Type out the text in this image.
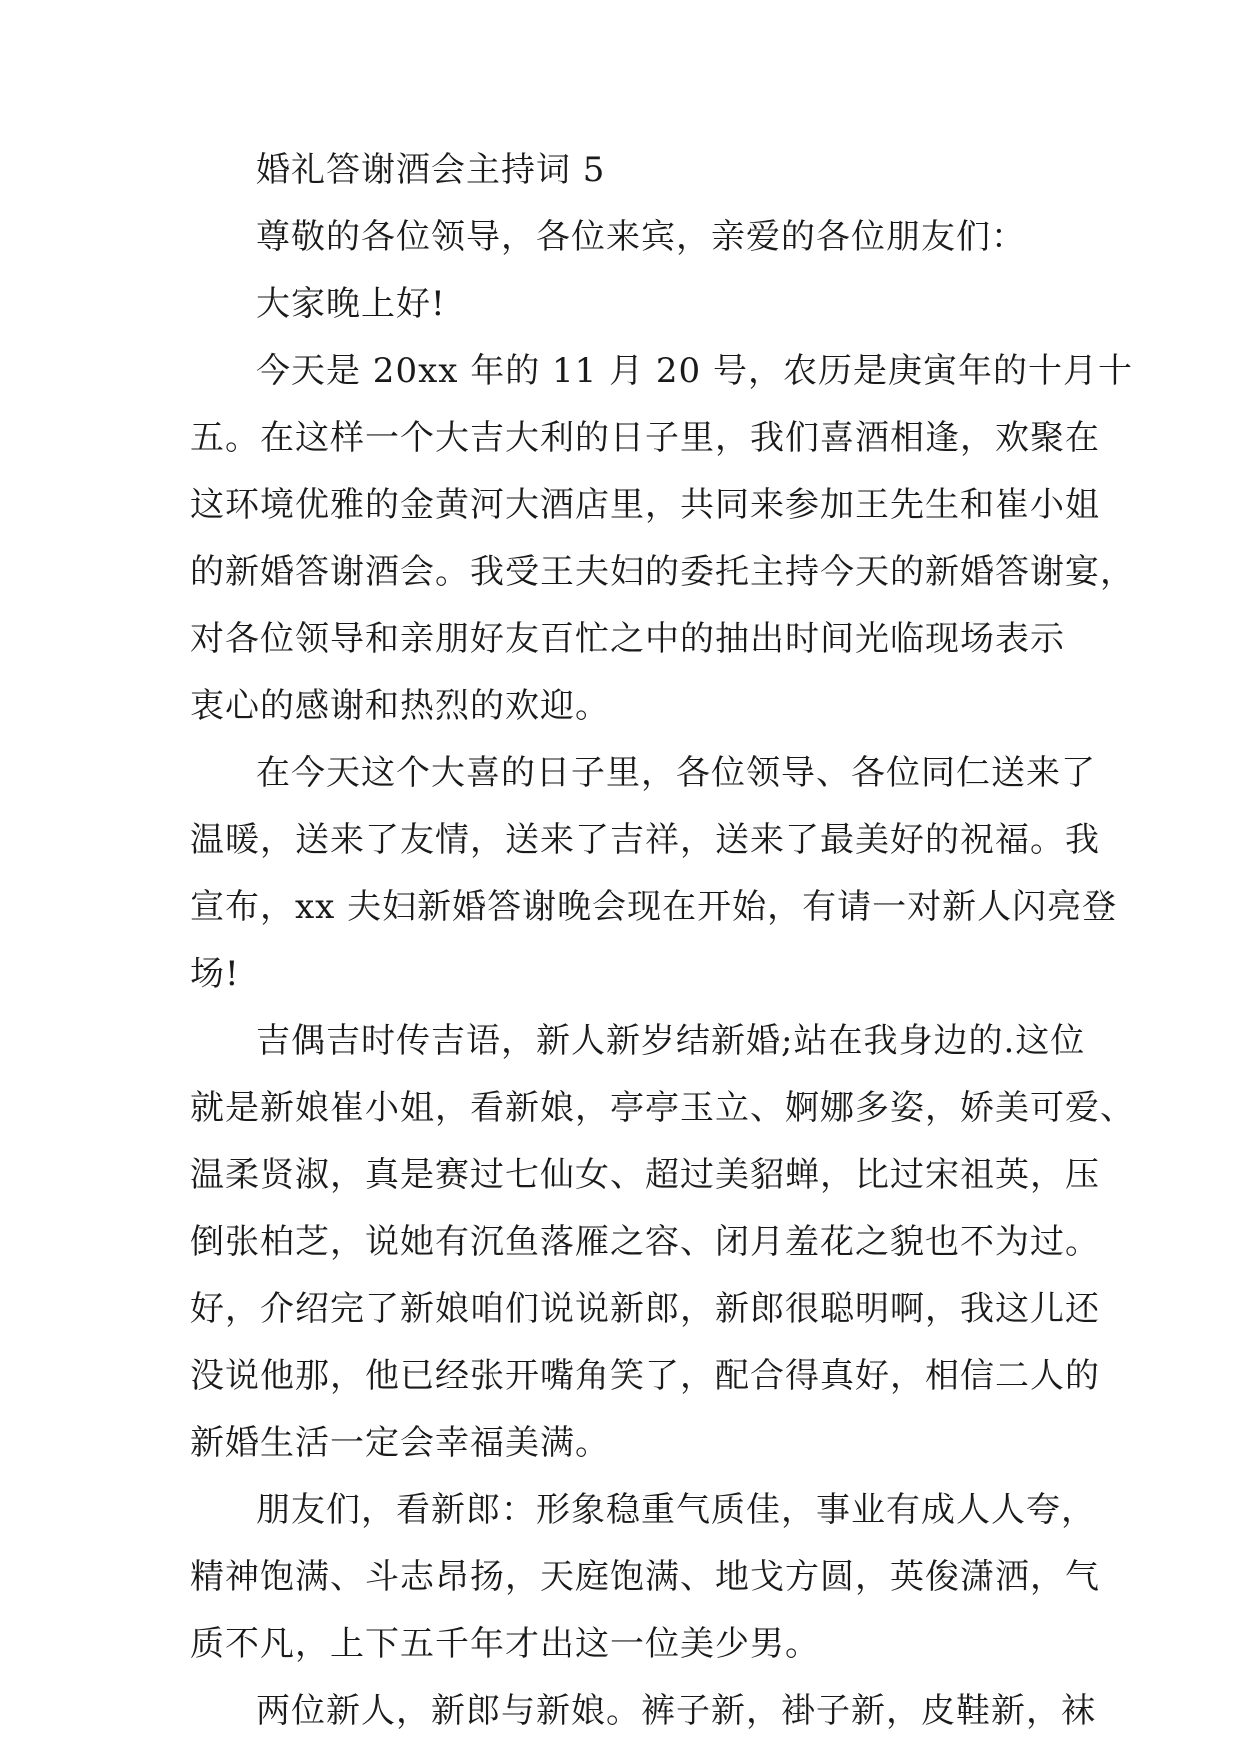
婚礼答谢酒会主持词 5
尊敬的各位领导，各位来宾，亲爱的各位朋友们：
大家晚上好!
今天是 20xx 年的 11 月 20 号，农历是庚寅年的十月十
五。在这样一个大吉大利的日子里，我们喜酒相逢，欢聚在
这环境优雅的金黄河大酒店里，共同来参加王先生和崔小姐
的新婚答谢酒会。我受王夫妇的委托主持今天的新婚答谢宴，
对各位领导和亲朋好友百忙之中的抽出时间光临现场表示
衷心的感谢和热烈的欢迎。
在今天这个大喜的日子里，各位领导、各位同仁送来了
温暖，送来了友情，送来了吉祥，送来了最美好的祝福。我
宣布，xx 夫妇新婚答谢晚会现在开始，有请一对新人闪亮登
场!
吉偶吉时传吉语，新人新岁结新婚;站在我身边的.这位
就是新娘崔小姐，看新娘，亭亭玉立、婀娜多姿，娇美可爱、
温柔贤淑，真是赛过七仙女、超过美貂蝉，比过宋祖英，压
倒张柏芝，说她有沉鱼落雁之容、闭月羞花之貌也不为过。
好，介绍完了新娘咱们说说新郎，新郎很聪明啊，我这儿还
没说他那，他已经张开嘴角笑了，配合得真好，相信二人的
新婚生活一定会幸福美满。
朋友们，看新郎：形象稳重气质佳，事业有成人人夸，
精神饱满、斗志昂扬，天庭饱满、地戈方圆，英俊潇洒，气
质不凡，上下五千年才出这一位美少男。
两位新人，新郎与新娘。裤子新，褂子新，皮鞋新，袜
